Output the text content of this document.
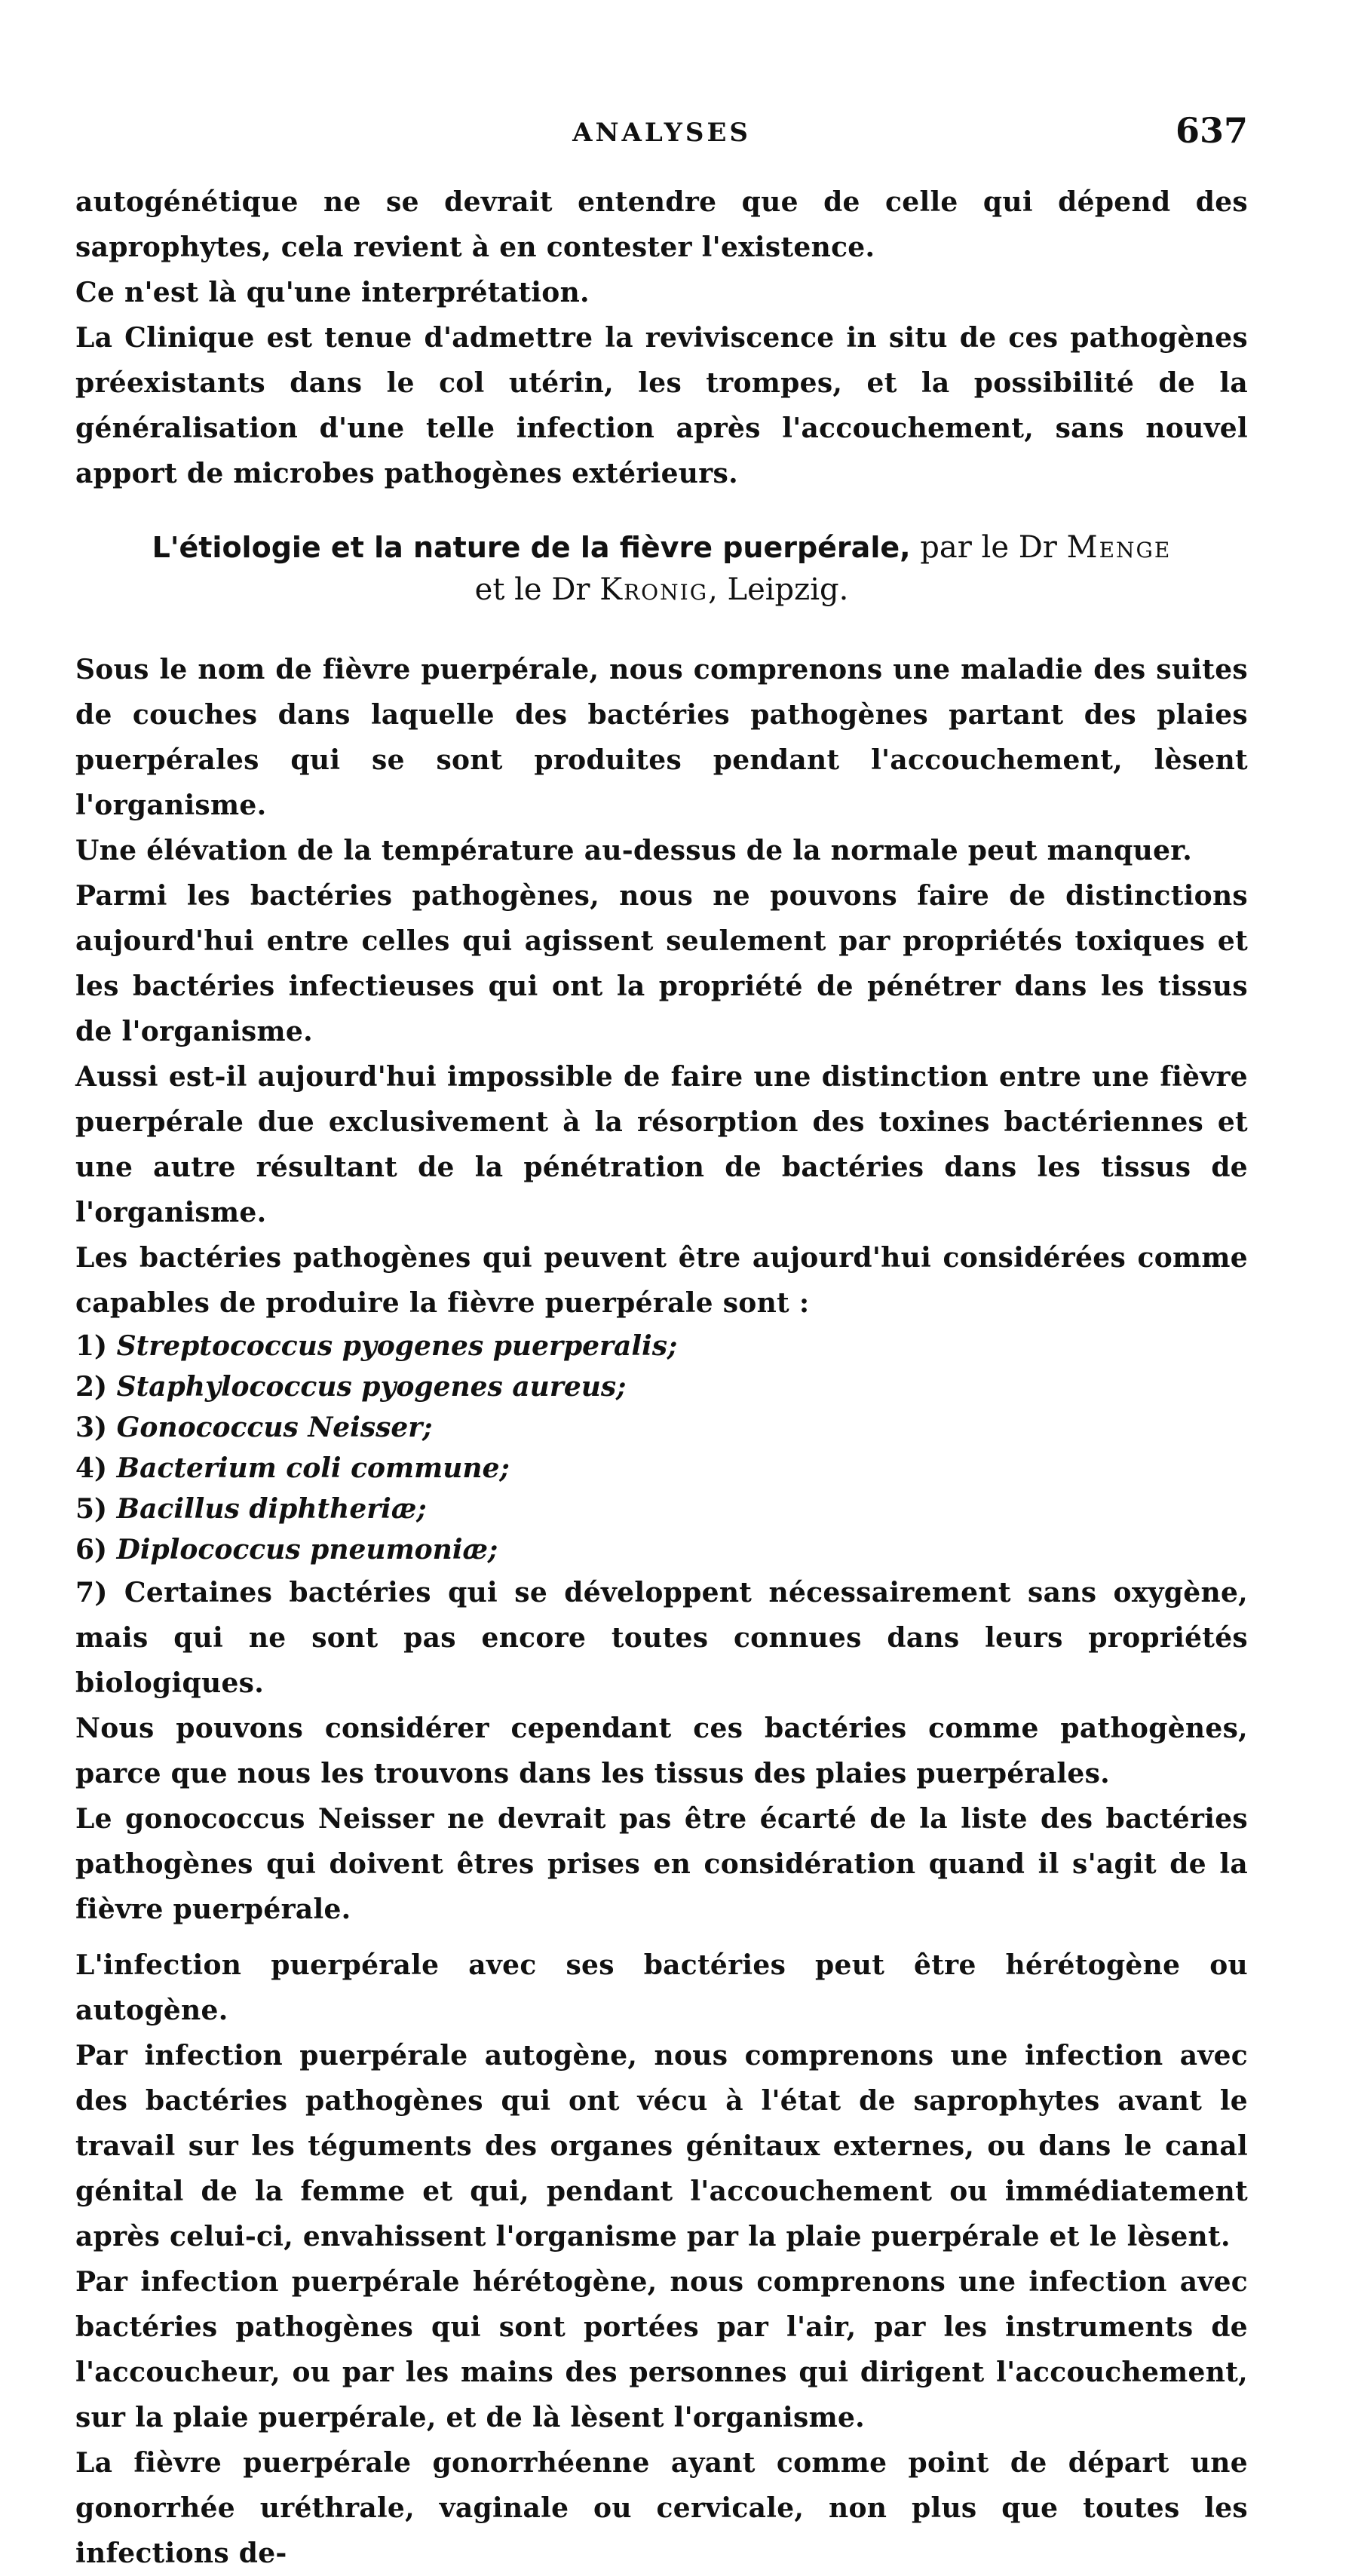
ANALYSES	637

autogénétique ne se devrait entendre que de celle qui dépend des saprophytes, cela revient à en contester l'existence.

Ce n'est là qu'une interprétation.

La Clinique est tenue d'admettre la reviviscence in situ de ces pathogènes préexistants dans le col utérin, les trompes, et la possibilité de la généralisation d'une telle infection après l'accouchement, sans nouvel apport de microbes pathogènes extérieurs.

L'étiologie et la nature de la fièvre puerpérale, par le Dr Menge
et le Dr Kronig, Leipzig.

Sous le nom de fièvre puerpérale, nous comprenons une maladie des suites de couches dans laquelle des bactéries pathogènes partant des plaies puerpérales qui se sont produites pendant l'accouchement, lèsent l'organisme.

Une élévation de la température au-dessus de la normale peut manquer.

Parmi les bactéries pathogènes, nous ne pouvons faire de distinctions aujourd'hui entre celles qui agissent seulement par propriétés toxiques et les bactéries infectieuses qui ont la propriété de pénétrer dans les tissus de l'organisme.

Aussi est-il aujourd'hui impossible de faire une distinction entre une fièvre puerpérale due exclusivement à la résorption des toxines bactériennes et une autre résultant de la pénétration de bactéries dans les tissus de l'organisme.

Les bactéries pathogènes qui peuvent être aujourd'hui considérées comme capables de produire la fièvre puerpérale sont :

1) Streptococcus pyogenes puerperalis;
2) Staphylococcus pyogenes aureus;
3) Gonococcus Neisser;
4) Bacterium coli commune;
5) Bacillus diphtheriæ;
6) Diplococcus pneumoniæ;

7) Certaines bactéries qui se développent nécessairement sans oxygène, mais qui ne sont pas encore toutes connues dans leurs propriétés biologiques.

Nous pouvons considérer cependant ces bactéries comme pathogènes, parce que nous les trouvons dans les tissus des plaies puerpérales.

Le gonococcus Neisser ne devrait pas être écarté de la liste des bactéries pathogènes qui doivent êtres prises en considération quand il s'agit de la fièvre puerpérale.

L'infection puerpérale avec ses bactéries peut être hérétogène ou autogène.

Par infection puerpérale autogène, nous comprenons une infection avec des bactéries pathogènes qui ont vécu à l'état de saprophytes avant le travail sur les téguments des organes génitaux externes, ou dans le canal génital de la femme et qui, pendant l'accouchement ou immédiatement après celui-ci, envahissent l'organisme par la plaie puerpérale et le lèsent.

Par infection puerpérale hérétogène, nous comprenons une infection avec bactéries pathogènes qui sont portées par l'air, par les instruments de l'accoucheur, ou par les mains des personnes qui dirigent l'accouchement, sur la plaie puerpérale, et de là lèsent l'organisme.

La fièvre puerpérale gonorrhéenne ayant comme point de départ une gonorrhée uréthrale, vaginale ou cervicale, non plus que toutes les infections de-
